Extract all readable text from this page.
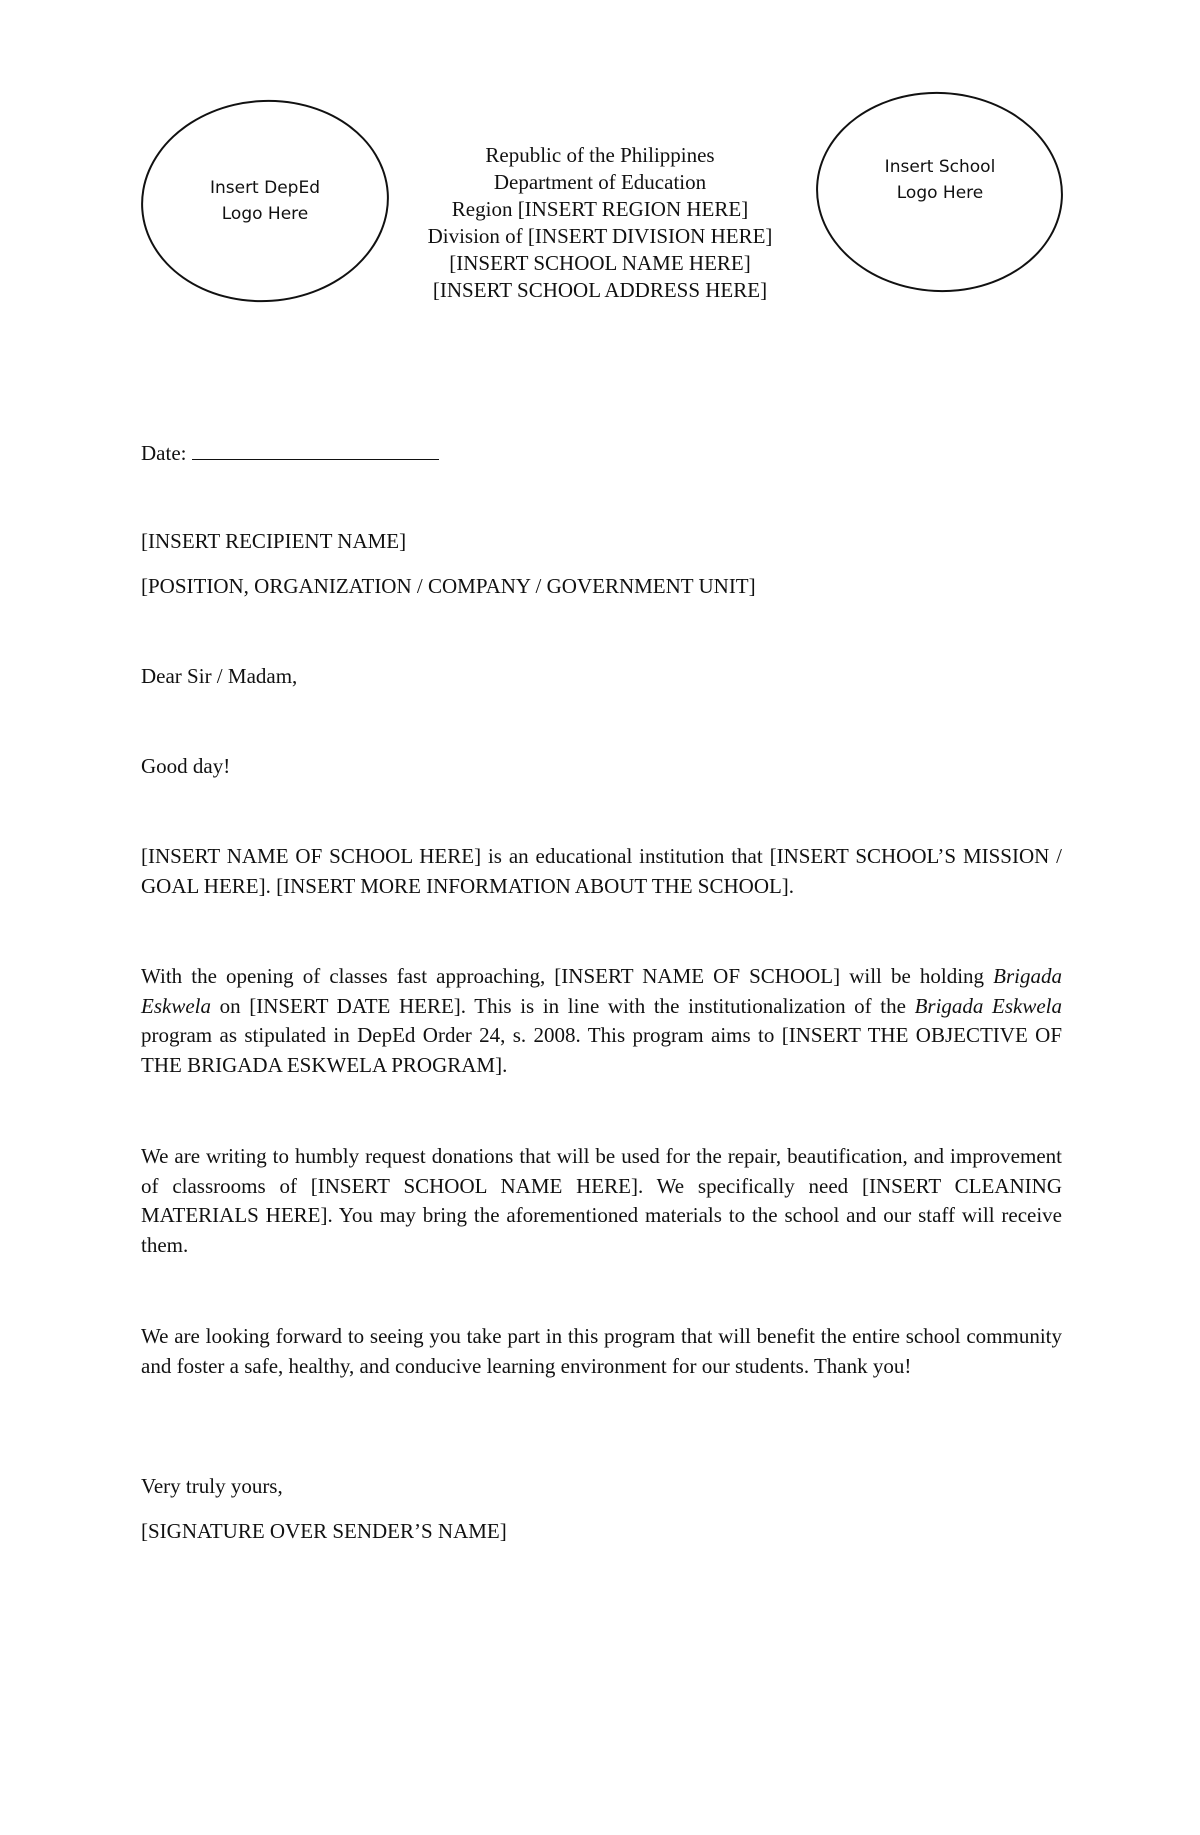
Insert DepEd Logo Here
Insert School Logo Here
Republic of the Philippines
Department of Education
Region [INSERT REGION HERE]
Division of [INSERT DIVISION HERE]
[INSERT SCHOOL NAME HERE]
[INSERT SCHOOL ADDRESS HERE]
Date:
[INSERT RECIPIENT NAME]
[POSITION, ORGANIZATION / COMPANY / GOVERNMENT UNIT]
Dear Sir / Madam,
Good day!
[INSERT NAME OF SCHOOL HERE] is an educational institution that [INSERT SCHOOL’S MISSION / GOAL HERE]. [INSERT MORE INFORMATION ABOUT THE SCHOOL].
With the opening of classes fast approaching, [INSERT NAME OF SCHOOL] will be holding Brigada Eskwela on [INSERT DATE HERE]. This is in line with the institutionalization of the Brigada Eskwela program as stipulated in DepEd Order 24, s. 2008. This program aims to [INSERT THE OBJECTIVE OF THE BRIGADA ESKWELA PROGRAM].
We are writing to humbly request donations that will be used for the repair, beautification, and improvement of classrooms of [INSERT SCHOOL NAME HERE]. We specifically need [INSERT CLEANING MATERIALS HERE]. You may bring the aforementioned materials to the school and our staff will receive them.
We are looking forward to seeing you take part in this program that will benefit the entire school community and foster a safe, healthy, and conducive learning environment for our students. Thank you!
Very truly yours,
[SIGNATURE OVER SENDER’S NAME]
